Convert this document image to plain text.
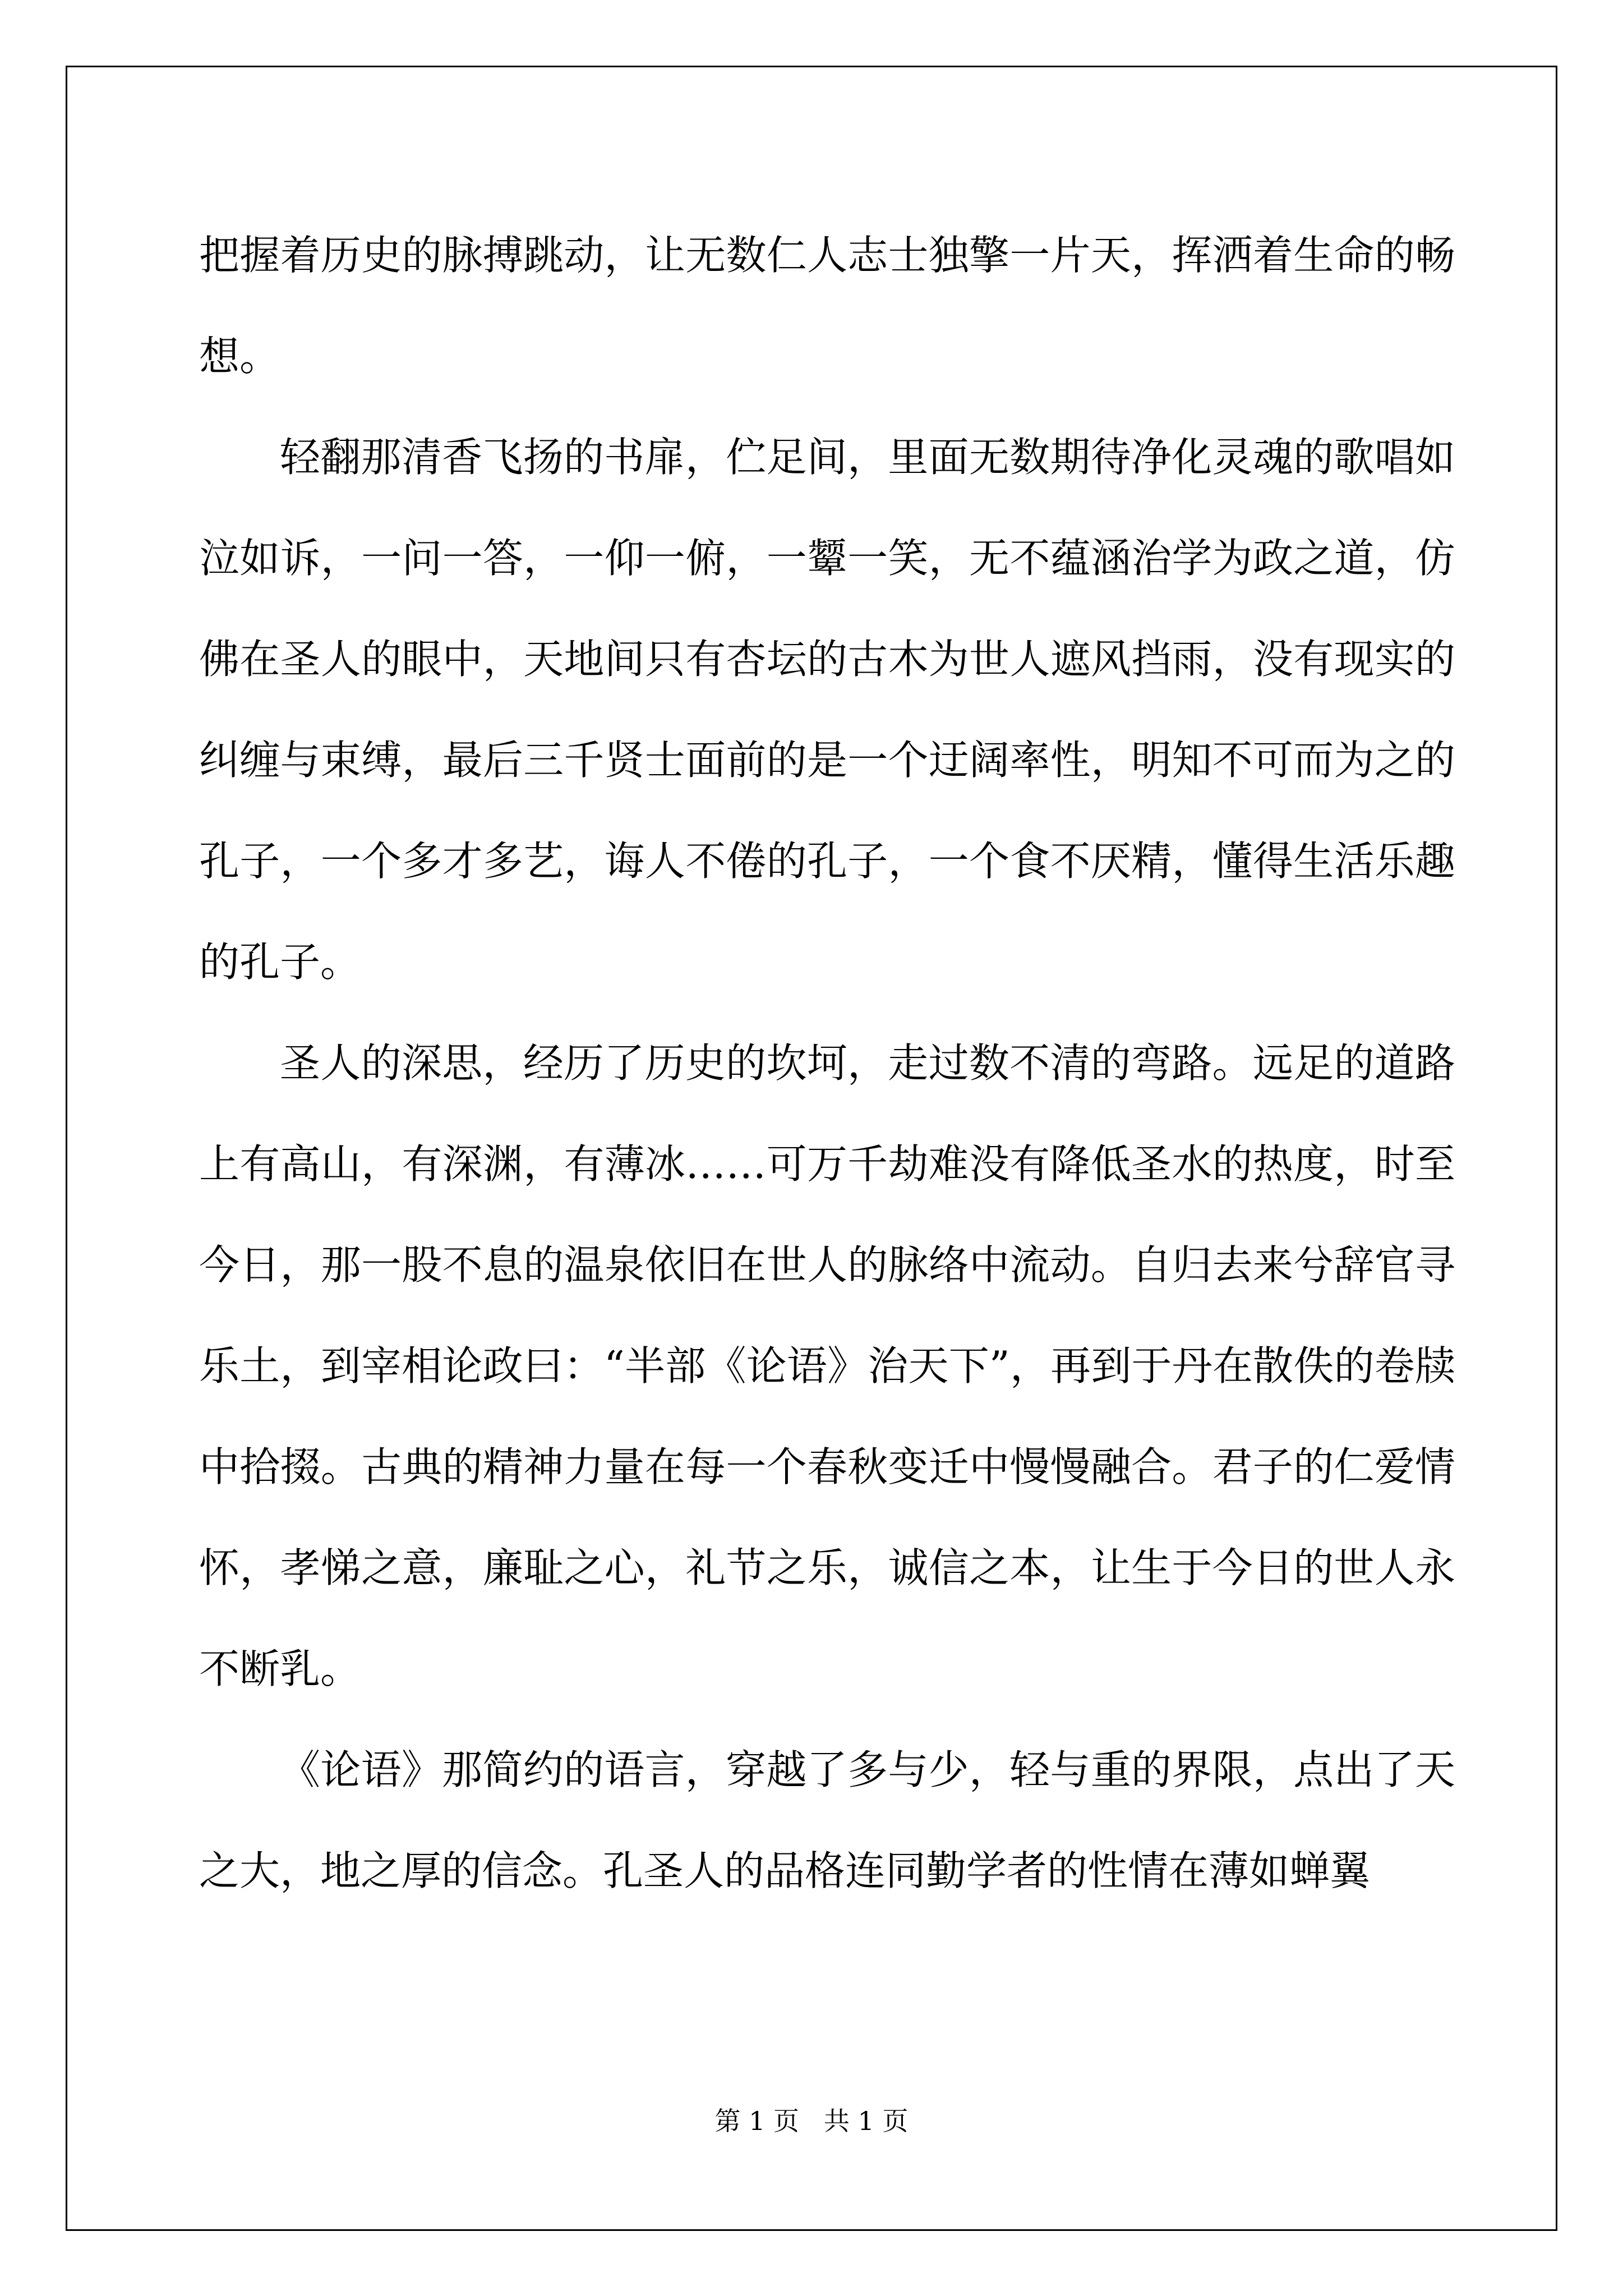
把握着历史的脉搏跳动，让无数仁人志士独擎一片天，挥洒着生命的畅想。

轻翻那清香飞扬的书扉，伫足间，里面无数期待净化灵魂的歌唱如泣如诉，一问一答，一仰一俯，一颦一笑，无不蕴涵治学为政之道，仿佛在圣人的眼中，天地间只有杏坛的古木为世人遮风挡雨，没有现实的纠缠与束缚，最后三千贤士面前的是一个迂阔率性，明知不可而为之的孔子，一个多才多艺，诲人不倦的孔子，一个食不厌精，懂得生活乐趣的孔子。

圣人的深思，经历了历史的坎坷，走过数不清的弯路。远足的道路上有高山，有深渊，有薄冰……可万千劫难没有降低圣水的热度，时至今日，那一股不息的温泉依旧在世人的脉络中流动。自归去来兮辞官寻乐土，到宰相论政曰：“半部《论语》治天下”，再到于丹在散佚的卷牍中拾掇。古典的精神力量在每一个春秋变迁中慢慢融合。君子的仁爱情怀，孝悌之意，廉耻之心，礼节之乐，诚信之本，让生于今日的世人永不断乳。

《论语》那简约的语言，穿越了多与少，轻与重的界限，点出了天之大，地之厚的信念。孔圣人的品格连同勤学者的性情在薄如蝉翼

第 1 页   共 1 页
